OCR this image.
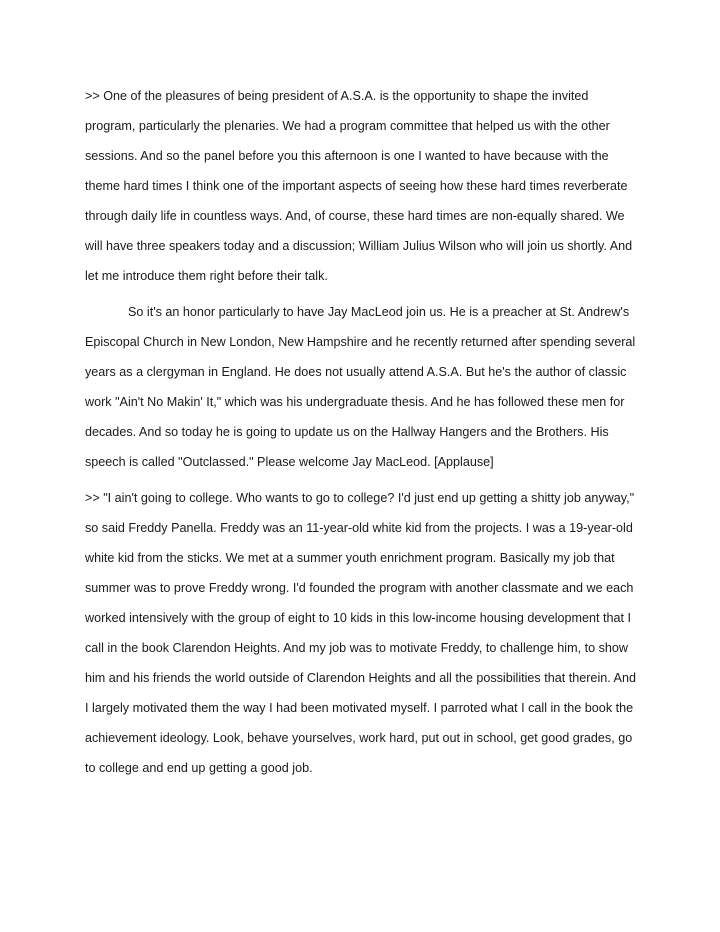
>> One of the pleasures of being president of A.S.A. is the opportunity to shape the invited program, particularly the plenaries. We had a program committee that helped us with the other sessions. And so the panel before you this afternoon is one I wanted to have because with the theme hard times I think one of the important aspects of seeing how these hard times reverberate through daily life in countless ways. And, of course, these hard times are non-equally shared. We will have three speakers today and a discussion; William Julius Wilson who will join us shortly. And let me introduce them right before their talk.

So it's an honor particularly to have Jay MacLeod join us. He is a preacher at St. Andrew's Episcopal Church in New London, New Hampshire and he recently returned after spending several years as a clergyman in England. He does not usually attend A.S.A. But he's the author of classic work "Ain't No Makin' It," which was his undergraduate thesis. And he has followed these men for decades. And so today he is going to update us on the Hallway Hangers and the Brothers. His speech is called "Outclassed." Please welcome Jay MacLeod. [Applause]

>> "I ain't going to college. Who wants to go to college? I'd just end up getting a shitty job anyway," so said Freddy Panella. Freddy was an 11-year-old white kid from the projects. I was a 19-year-old white kid from the sticks. We met at a summer youth enrichment program. Basically my job that summer was to prove Freddy wrong. I'd founded the program with another classmate and we each worked intensively with the group of eight to 10 kids in this low-income housing development that I call in the book Clarendon Heights. And my job was to motivate Freddy, to challenge him, to show him and his friends the world outside of Clarendon Heights and all the possibilities that therein. And I largely motivated them the way I had been motivated myself. I parroted what I call in the book the achievement ideology. Look, behave yourselves, work hard, put out in school, get good grades, go to college and end up getting a good job.
